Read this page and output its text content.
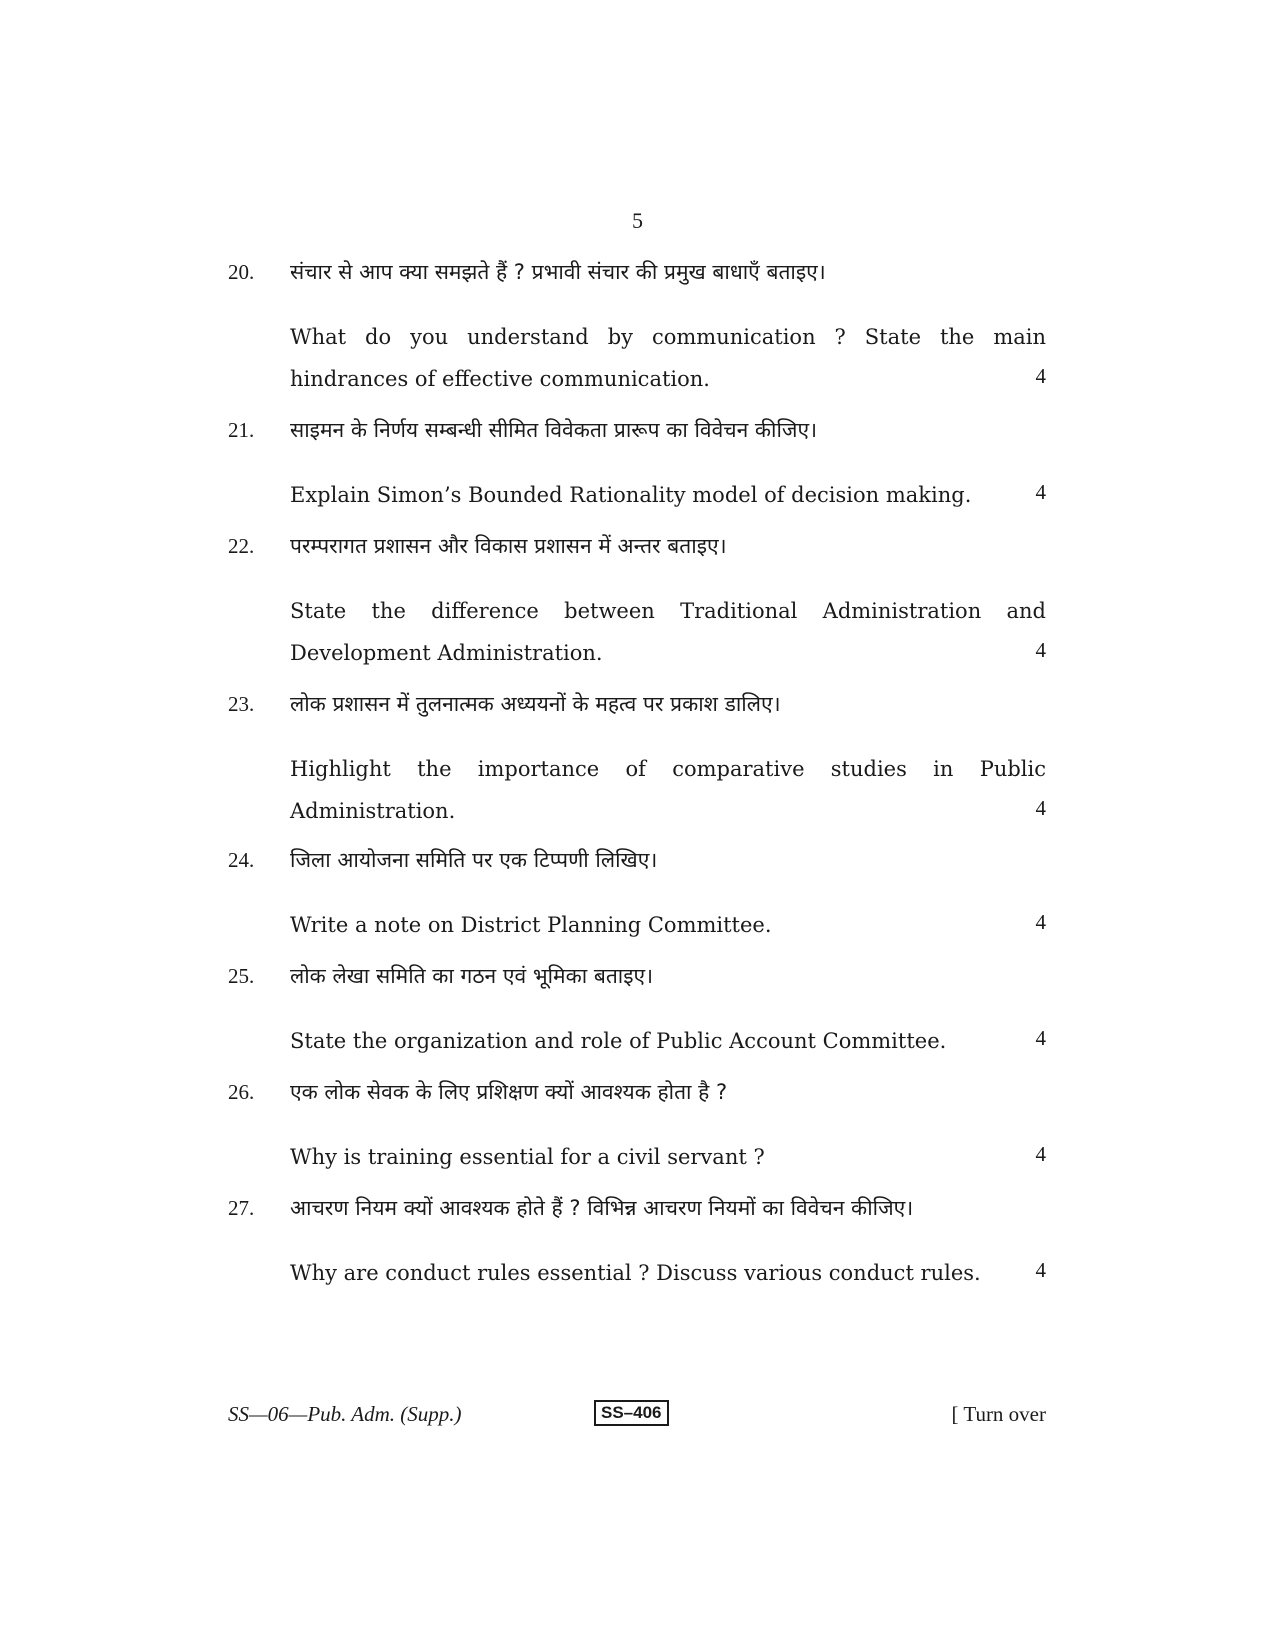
5
20. संचार से आप क्या समझते हैं ? प्रभावी संचार की प्रमुख बाधाएँ बताइए।
What do you understand by communication ? State the main
hindrances of effective communication.	4
21. साइमन के निर्णय सम्बन्धी सीमित विवेकता प्रारूप का विवेचन कीजिए।
Explain Simon’s Bounded Rationality model of decision making.	4
22. परम्परागत प्रशासन और विकास प्रशासन में अन्तर बताइए।
State the difference between Traditional Administration and
Development Administration.	4
23. लोक प्रशासन में तुलनात्मक अध्ययनों के महत्व पर प्रकाश डालिए।
Highlight the importance of comparative studies in Public
Administration.	4
24. जिला आयोजना समिति पर एक टिप्पणी लिखिए।
Write a note on District Planning Committee.	4
25. लोक लेखा समिति का गठन एवं भूमिका बताइए।
State the organization and role of Public Account Committee.	4
26. एक लोक सेवक के लिए प्रशिक्षण क्यों आवश्यक होता है ?
Why is training essential for a civil servant ?	4
27. आचरण नियम क्यों आवश्यक होते हैं ? विभिन्न आचरण नियमों का विवेचन कीजिए।
Why are conduct rules essential ? Discuss various conduct rules.	4
SS—06—Pub. Adm. (Supp.)	SS–406	[ Turn over
